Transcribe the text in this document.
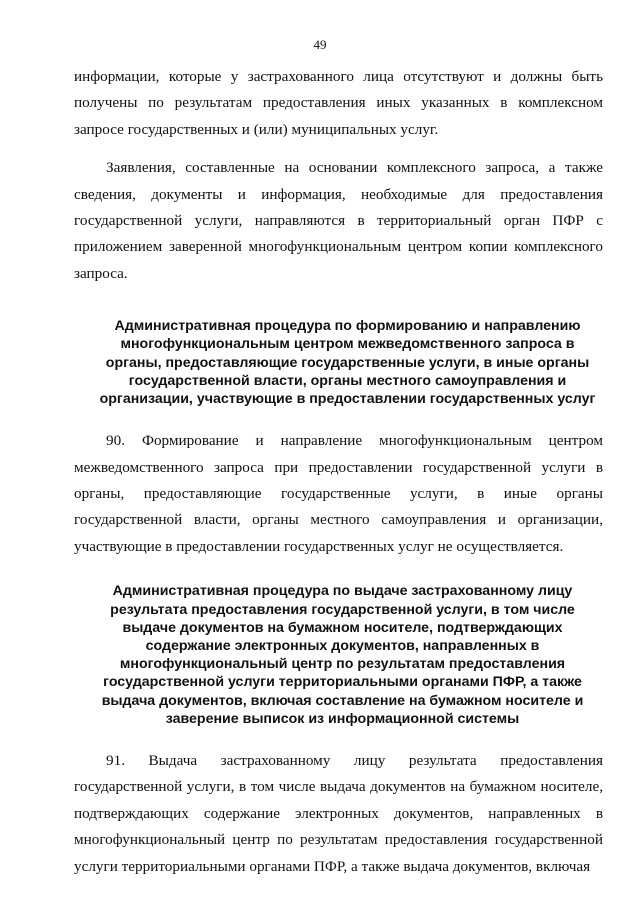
49

информации, которые у застрахованного лица отсутствуют и должны быть получены по результатам предоставления иных указанных в комплексном запросе государственных и (или) муниципальных услуг.

Заявления, составленные на основании комплексного запроса, а также сведения, документы и информация, необходимые для предоставления государственной услуги, направляются в территориальный орган ПФР с приложением заверенной многофункциональным центром копии комплексного запроса.

Административная процедура по формированию и направлению многофункциональным центром межведомственного запроса в органы, предоставляющие государственные услуги, в иные органы государственной власти, органы местного самоуправления и организации, участвующие в предоставлении государственных услуг

90. Формирование и направление многофункциональным центром межведомственного запроса при предоставлении государственной услуги в органы, предоставляющие государственные услуги, в иные органы государственной власти, органы местного самоуправления и организации, участвующие в предоставлении государственных услуг не осуществляется.

Административная процедура по выдаче застрахованному лицу результата предоставления государственной услуги, в том числе выдаче документов на бумажном носителе, подтверждающих содержание электронных документов, направленных в многофункциональный центр по результатам предоставления государственной услуги территориальными органами ПФР, а также выдача документов, включая составление на бумажном носителе и заверение выписок из информационной системы

91. Выдача застрахованному лицу результата предоставления государственной услуги, в том числе выдача документов на бумажном носителе, подтверждающих содержание электронных документов, направленных в многофункциональный центр по результатам предоставления государственной услуги территориальными органами ПФР, а также выдача документов, включая
